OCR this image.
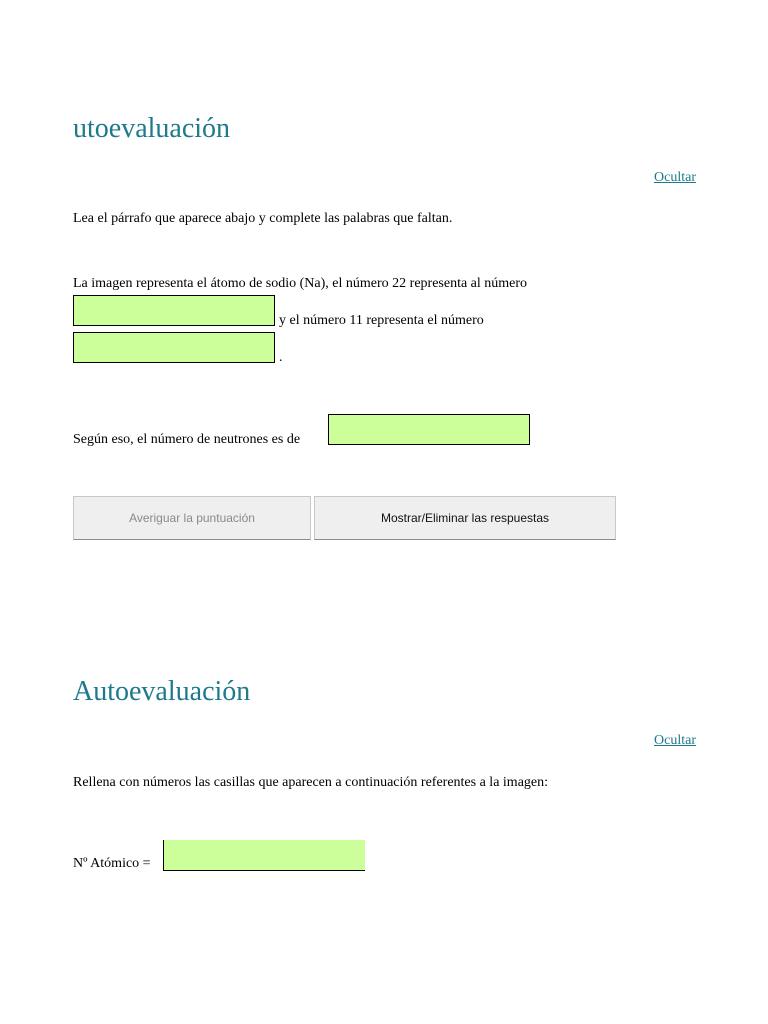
utoevaluación
Ocultar

Lea el párrafo que aparece abajo y complete las palabras que faltan.

La imagen representa el átomo de sodio (Na), el número 22 representa al número

y el número 11 representa el número

.

Según eso, el número de neutrones es de

Averiguar la puntuación	Mostrar/Eliminar las respuestas
Autoevaluación
Ocultar

Rellena con números las casillas que aparecen a continuación referentes a la imagen:

Nº Atómico =
